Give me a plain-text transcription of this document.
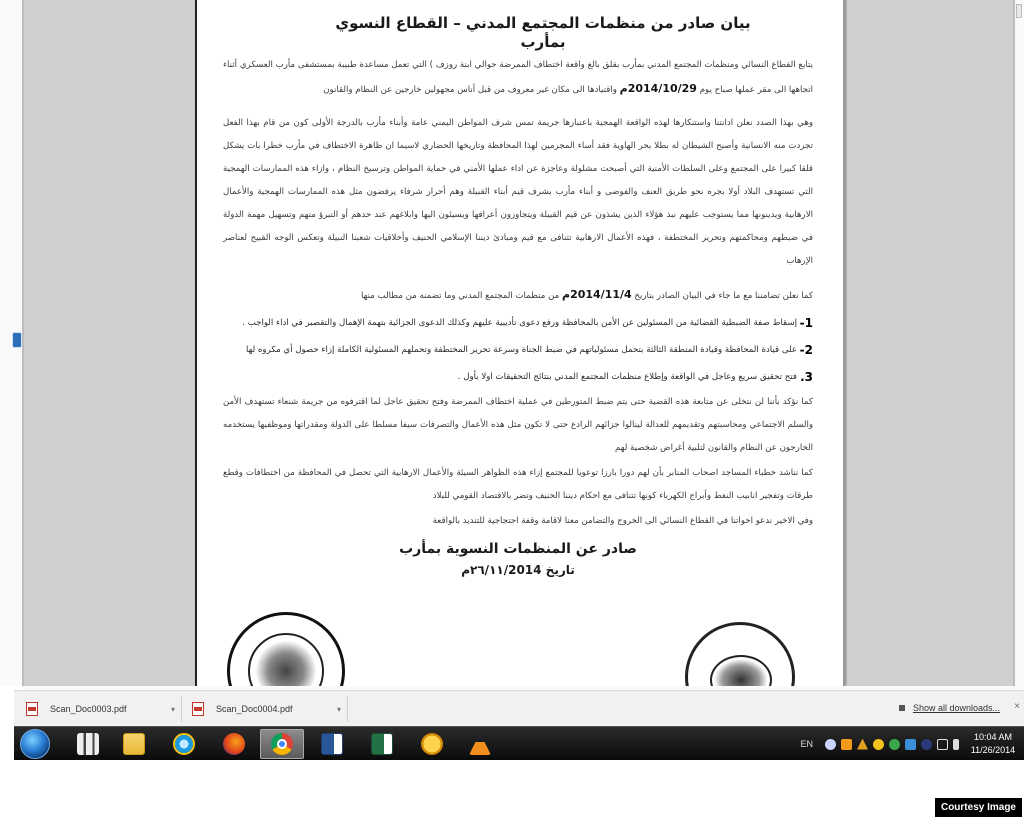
بيان صادر من منظمات المجتمع المدني – القطاع النسوي بمأرب

يتابع القطاع النسائي ومنظمات المجتمع المدني بمأرب بقلق بالغ واقعة اختطاف الممرضة حوالي ابنة روزف ) التي تعمل مساعدة طبيبة بمستشفى مأرب العسكري أثناء اتجاهها الى مقر عملها صباح يوم 2014/10/29م واقتيادها الى مكان غير معروف من قبل أناس مجهولين خارجين عن النظام والقانون

وهي بهذا الصدد نعلن ادانتنا واستنكارها لهذه الواقعة الهمجية باعتبارها جريمة تمس شرف المواطن اليمني عامة وأبناء مأرب بالدرجة الأولى كون من قام بهذا الفعل تجردت منه الانسانية وأصبح الشيطان له بطلا بحر الهاوية فقد أساء المجرمين لهذا المحافظة وتاريخها الحضاري لاسيما ان ظاهرة الاختطاف في مأرب خطرا بات يشكل قلقا كبيرا على المجتمع وعلى السلطات الأمنية التي أصبحت مشلولة وعاجزة عن اداء عملها الأمني في حماية المواطن وترسيخ النظام ، وازاء هذه الممارسات الهمجية التي تستهدف البلاد أولا بجره نحو طريق العنف والفوضى و أبناء مأرب بشرف قيم أبناء القبيلة وهم أحرار شرفاء يرفضون مثل هذه الممارسات الهمجية والأعمال الارهابية ويدينونها مما يستوجب عليهم نبذ هؤلاء الذين يشذون عن قيم القبيلة ويتجاوزون أعرافها ويسيئون اليها وابلاغهم عند حدهم أو التبرؤ منهم وتسهيل مهمة الدولة في ضبطهم ومحاكمتهم وتحرير المختطفة ، فهذه الأعمال الارهابية تتنافى مع قيم ومبادئ ديننا الإسلامي الحنيف وأخلاقيات شعبنا النبيلة وتعكس الوجه القبيح لعناصر الإرهاب

كما نعلن تضامننا مع ما جاء في البيان الصادر بتاريخ 2014/11/4م من منظمات المجتمع المدني وما تضمنه من مطالب منها

1-
إسقاط صفة الضبطية القضائية من المسئولين عن الأمن بالمحافظة ورفع دعوى تأديبية عليهم وكذلك الدعوى الجزائية بتهمة الإهمال والتقصير في اداء الواجب .
2-
على قيادة المحافظة وقيادة المنطقة الثالثة بتحمل مسئولياتهم في ضبط الجناة وسرعة تحرير المختطفة وتحملهم المسئولية الكاملة إزاء حصول أي مكروه لها
3.
فتح تحقيق سريع وعاجل في الواقعة وإطلاع منظمات المجتمع المدني بنتائج التحقيقات اولا بأول .

كما نؤكد بأننا لن نتخلى عن متابعة هذه القضية حتى يتم ضبط المتورطين في عملية اختطاف الممرضة وفتح تحقيق عاجل لما اقترفوه من جريمة شنعاء تستهدف الأمن والسلم الاجتماعي ومحاسبتهم وتقديمهم للعدالة لينالوا جزائهم الرادع حتى لا تكون مثل هذه الأعمال والتصرفات سيفا مسلطا على الدولة ومقدراتها وموظفيها يستخدمه الخارجون عن النظام والقانون لتلبية أغراض شخصية لهم

كما نناشد خطباء المساجد اصحاب المنابر بأن لهم دورا بارزا توعويا للمجتمع إزاء هذه الظواهر السيئة والأعمال الارهابية التي تحصل في المحافظة من اختطافات وقطع طرقات وتفجير انابيب النفط وأبراج الكهرباء كونها تتنافى مع احكام ديننا الحنيف وتضر بالاقتصاد القومي للبلاد

وفي الاخير ندعو اخواتنا في القطاع النسائي الى الخروج والتضامن معنا لاقامة وقفة احتجاجية للتنديد بالواقعة

صادر عن المنظمات النسوية بمأرب
تاريخ ٢٦/١١/2014م
Scan_Doc0003.pdf	▾	Scan_Doc0004.pdf	▾	Show all downloads... ×
EN
10:04 AM
11/26/2014
Courtesy Image
